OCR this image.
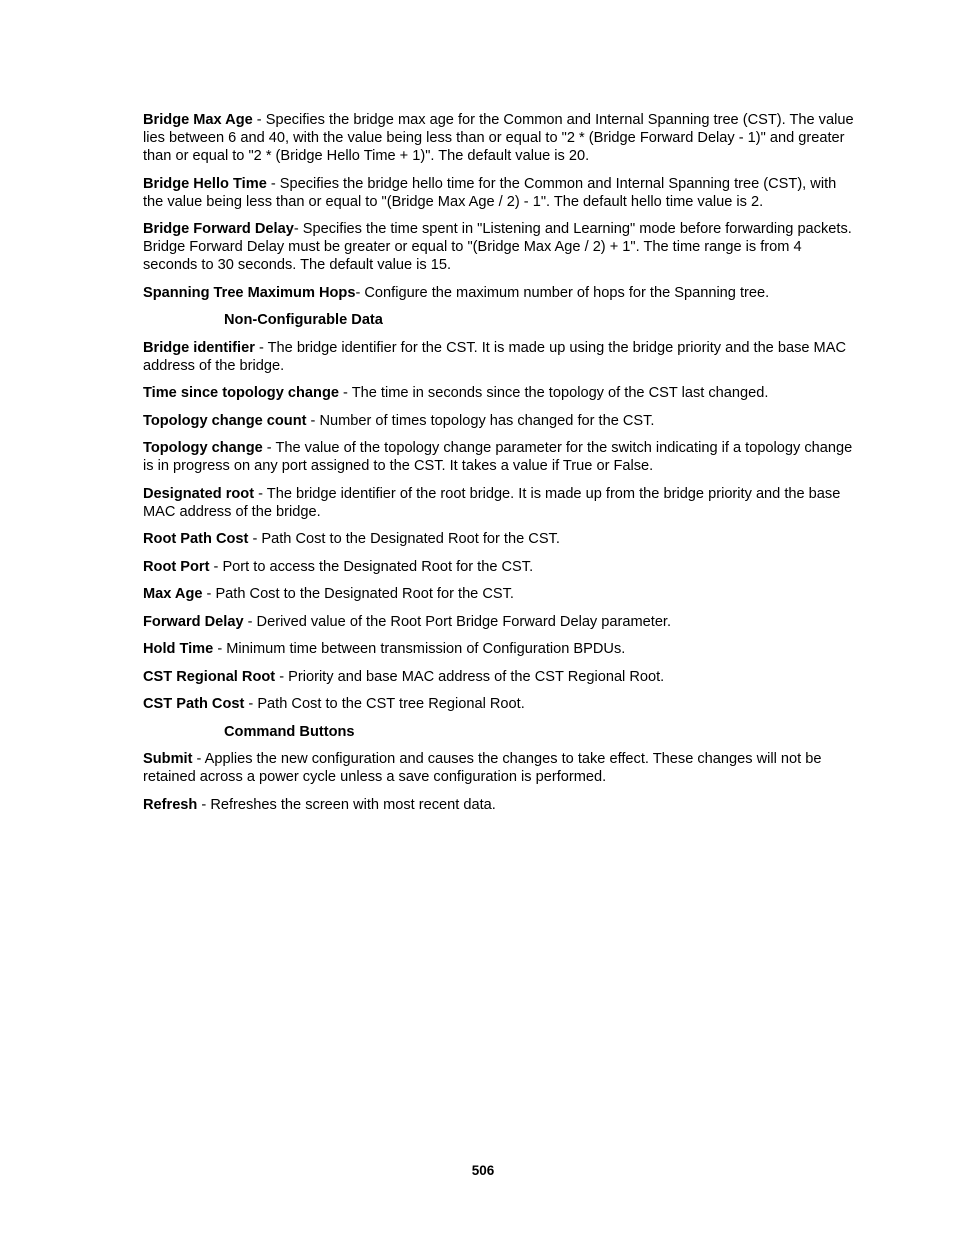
Bridge Max Age - Specifies the bridge max age for the Common and Internal Spanning tree (CST). The value lies between 6 and 40, with the value being less than or equal to "2 * (Bridge Forward Delay - 1)" and greater than or equal to "2 * (Bridge Hello Time + 1)". The default value is 20.

Bridge Hello Time - Specifies the bridge hello time for the Common and Internal Spanning tree (CST), with the value being less than or equal to "(Bridge Max Age / 2) - 1". The default hello time value is 2.

Bridge Forward Delay- Specifies the time spent in "Listening and Learning" mode before forwarding packets. Bridge Forward Delay must be greater or equal to "(Bridge Max Age / 2) + 1". The time range is from 4 seconds to 30 seconds. The default value is 15.

Spanning Tree Maximum Hops- Configure the maximum number of hops for the Spanning tree.

Non-Configurable Data

Bridge identifier - The bridge identifier for the CST. It is made up using the bridge priority and the base MAC address of the bridge.

Time since topology change - The time in seconds since the topology of the CST last changed.

Topology change count - Number of times topology has changed for the CST.

Topology change - The value of the topology change parameter for the switch indicating if a topology change is in progress on any port assigned to the CST. It takes a value if True or False.

Designated root - The bridge identifier of the root bridge. It is made up from the bridge priority and the base MAC address of the bridge.

Root Path Cost - Path Cost to the Designated Root for the CST.

Root Port - Port to access the Designated Root for the CST.

Max Age - Path Cost to the Designated Root for the CST.

Forward Delay - Derived value of the Root Port Bridge Forward Delay parameter.

Hold Time - Minimum time between transmission of Configuration BPDUs.

CST Regional Root - Priority and base MAC address of the CST Regional Root.

CST Path Cost - Path Cost to the CST tree Regional Root.

Command Buttons

Submit - Applies the new configuration and causes the changes to take effect. These changes will not be retained across a power cycle unless a save configuration is performed.

Refresh - Refreshes the screen with most recent data.

506
